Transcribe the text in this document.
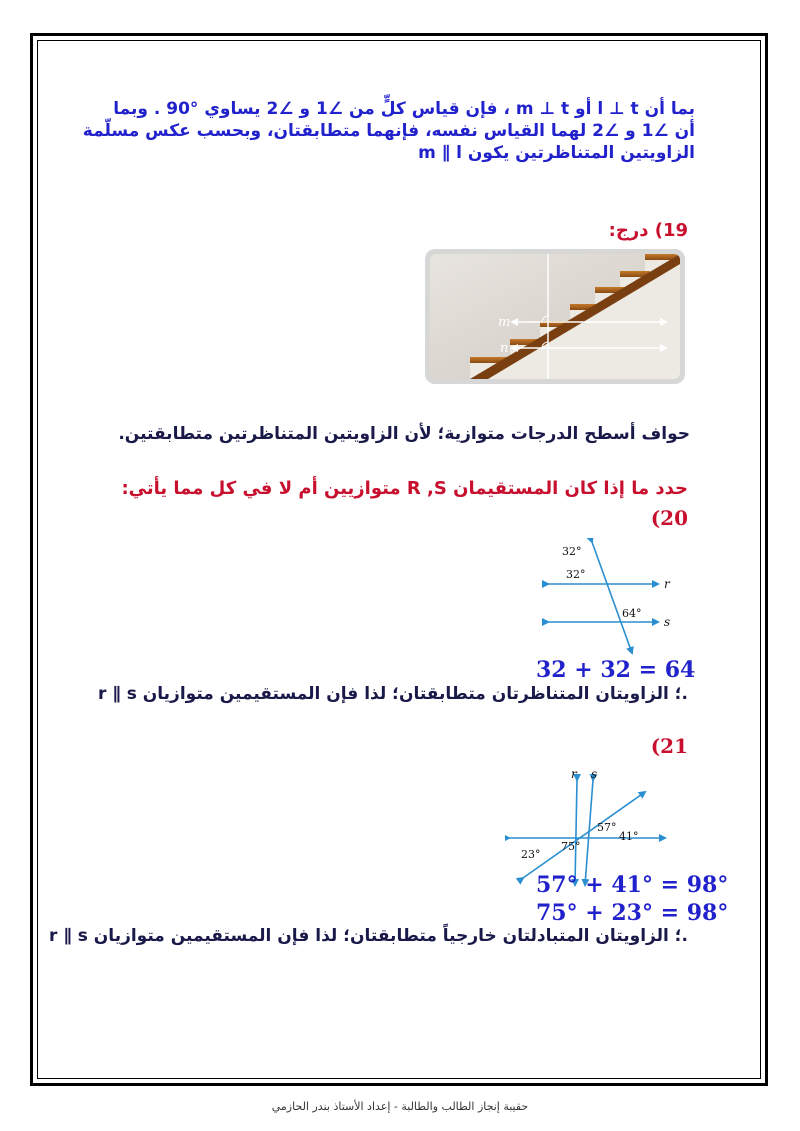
بما أن l ⊥ t أو m ⊥ t ، فإن قياس كلٍّ من ∠1 و ∠2 يساوي °90 . وبما
أن ∠1 و ∠2 لهما القياس نفسه، فإنهما متطابقتان، وبحسب عكس مسلّمة
الزاويتين المتناظرتين يكون m ∥ l
19) درج:
m
n
حواف أسطح الدرجات متوازية؛ لأن الزاويتين المتناظرتين متطابقتين.
حدد ما إذا كان المستقيمان R ,S متوازيين أم لا في كل مما يأتي:
(20
32°
32°
64°
r
s
32 + 32 = 64
r ∥ s ؛ الزاويتان المتناظرتان متطابقتان؛ لذا فإن المستقيمين متوازيان.
(21
r s
57°
41°
23°
75°
57° + 41° = 98°
75° + 23° = 98°
r ∥ s ؛ الزاويتان المتبادلتان خارجياً متطابقتان؛ لذا فإن المستقيمين متوازيان.
حقيبة إنجاز الطالب والطالبة - إعداد الأستاذ بندر الحازمي
